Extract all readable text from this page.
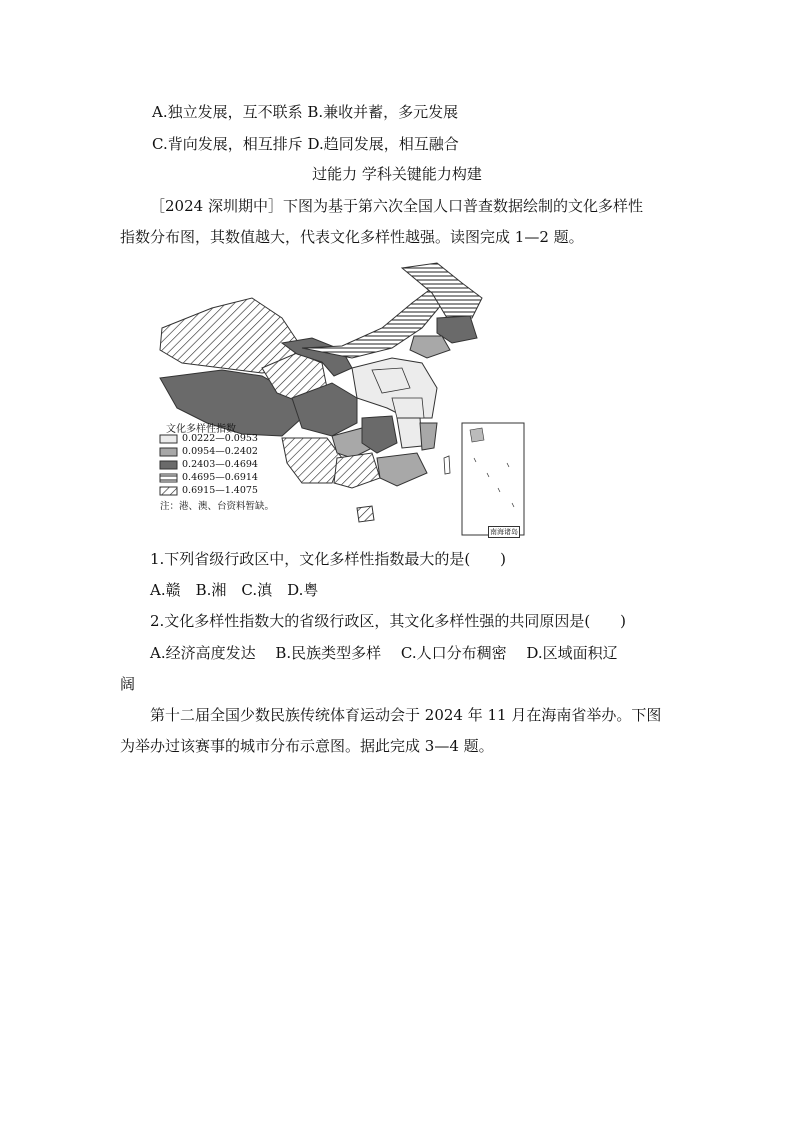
A.独立发展，互不联系 B.兼收并蓄，多元发展
C.背向发展，相互排斥 D.趋同发展，相互融合
过能力 学科关键能力构建
［2024 深圳期中］下图为基于第六次全国人口普查数据绘制的文化多样性
指数分布图，其数值越大，代表文化多样性越强。读图完成 1—2 题。
文化多样性指数
0.0222—0.0953
0.0954—0.2402
0.2403—0.4694
0.4695—0.6914
0.6915—1.4075
注：港、澳、台资料暂缺。
南海诸岛
1.下列省级行政区中，文化多样性指数最大的是(　　)
A.赣　B.湘　C.滇　D.粤
2.文化多样性指数大的省级行政区，其文化多样性强的共同原因是(　　)
A.经济高度发达　 B.民族类型多样　 C.人口分布稠密　 D.区域面积辽
阔
第十二届全国少数民族传统体育运动会于 2024 年 11 月在海南省举办。下图
为举办过该赛事的城市分布示意图。据此完成 3—4 题。
